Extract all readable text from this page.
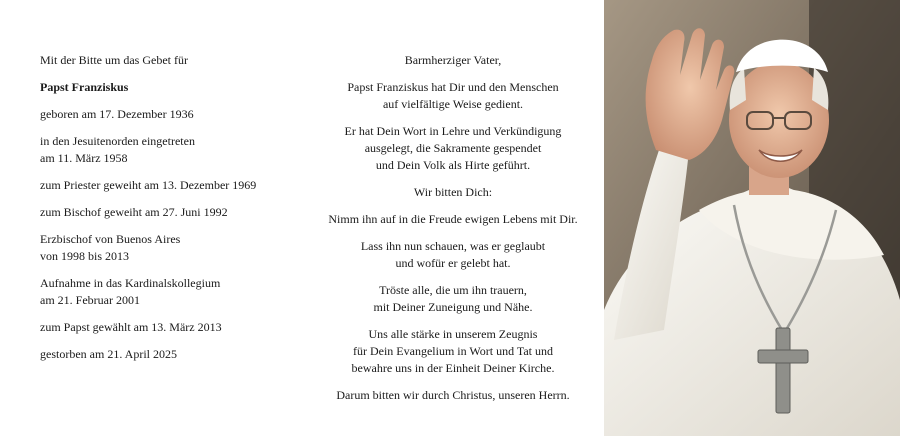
Mit der Bitte um das Gebet für

Papst Franziskus

geboren am 17. Dezember 1936

in den Jesuitenorden eingetreten
am 11. März 1958

zum Priester geweiht am 13. Dezember 1969

zum Bischof geweiht am 27. Juni 1992

Erzbischof von Buenos Aires
von 1998 bis 2013

Aufnahme in das Kardinalskollegium
am 21. Februar 2001

zum Papst gewählt am 13. März 2013

gestorben am 21. April 2025

Barmherziger Vater,

Papst Franziskus hat Dir und den Menschen
auf vielfältige Weise gedient.

Er hat Dein Wort in Lehre und Verkündigung
ausgelegt, die Sakramente gespendet
und Dein Volk als Hirte geführt.

Wir bitten Dich:

Nimm ihn auf in die Freude ewigen Lebens mit Dir.

Lass ihn nun schauen, was er geglaubt
und wofür er gelebt hat.

Tröste alle, die um ihn trauern,
mit Deiner Zuneigung und Nähe.

Uns alle stärke in unserem Zeugnis
für Dein Evangelium in Wort und Tat und
bewahre uns in der Einheit Deiner Kirche.

Darum bitten wir durch Christus, unseren Herrn.
